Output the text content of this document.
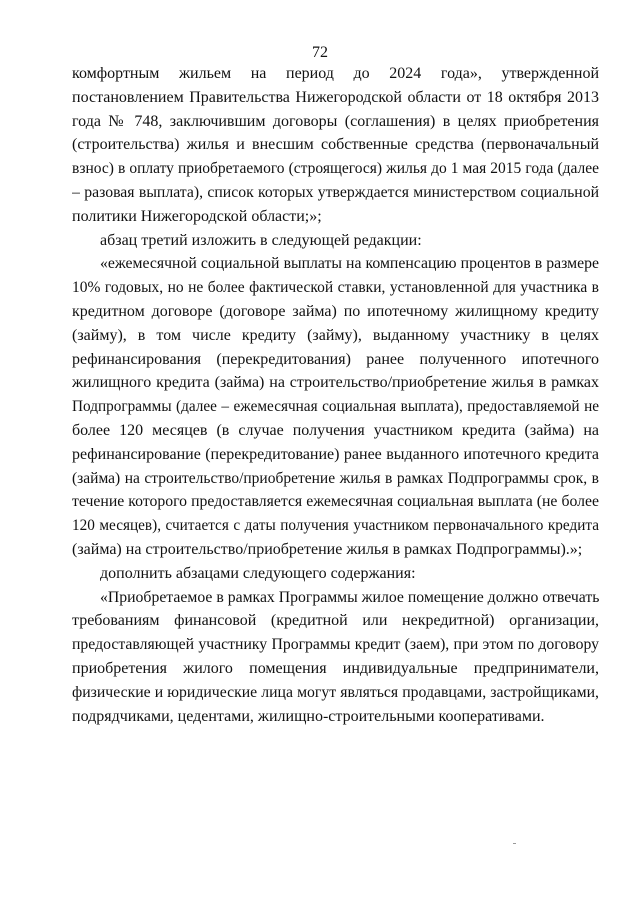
72
комфортным жильем на период до 2024 года», утвержденной
постановлением Правительства Нижегородской области от 18 октября 2013
года № 748, заключившим договоры (соглашения) в целях приобретения
(строительства) жилья и внесшим собственные средства (первоначальный
взнос) в оплату приобретаемого (строящегося) жилья до 1 мая 2015 года (далее
– разовая выплата), список которых утверждается министерством социальной
политики Нижегородской области;»;
абзац третий изложить в следующей редакции:
«ежемесячной социальной выплаты на компенсацию процентов в размере
10% годовых, но не более фактической ставки, установленной для участника в
кредитном договоре (договоре займа) по ипотечному жилищному кредиту
(займу), в том числе кредиту (займу), выданному участнику в целях
рефинансирования (перекредитования) ранее полученного ипотечного
жилищного кредита (займа) на строительство/приобретение жилья в рамках
Подпрограммы (далее – ежемесячная социальная выплата), предоставляемой не
более 120 месяцев (в случае получения участником кредита (займа) на
рефинансирование (перекредитование) ранее выданного ипотечного кредита
(займа) на строительство/приобретение жилья в рамках Подпрограммы срок, в
течение которого предоставляется ежемесячная социальная выплата (не более
120 месяцев), считается с даты получения участником первоначального кредита
(займа) на строительство/приобретение жилья в рамках Подпрограммы).»;
дополнить абзацами следующего содержания:
«Приобретаемое в рамках Программы жилое помещение должно отвечать
требованиям финансовой (кредитной или некредитной) организации,
предоставляющей участнику Программы кредит (заем), при этом по договору
приобретения жилого помещения индивидуальные предприниматели,
физические и юридические лица могут являться продавцами, застройщиками,
подрядчиками, цедентами, жилищно-строительными кооперативами.
